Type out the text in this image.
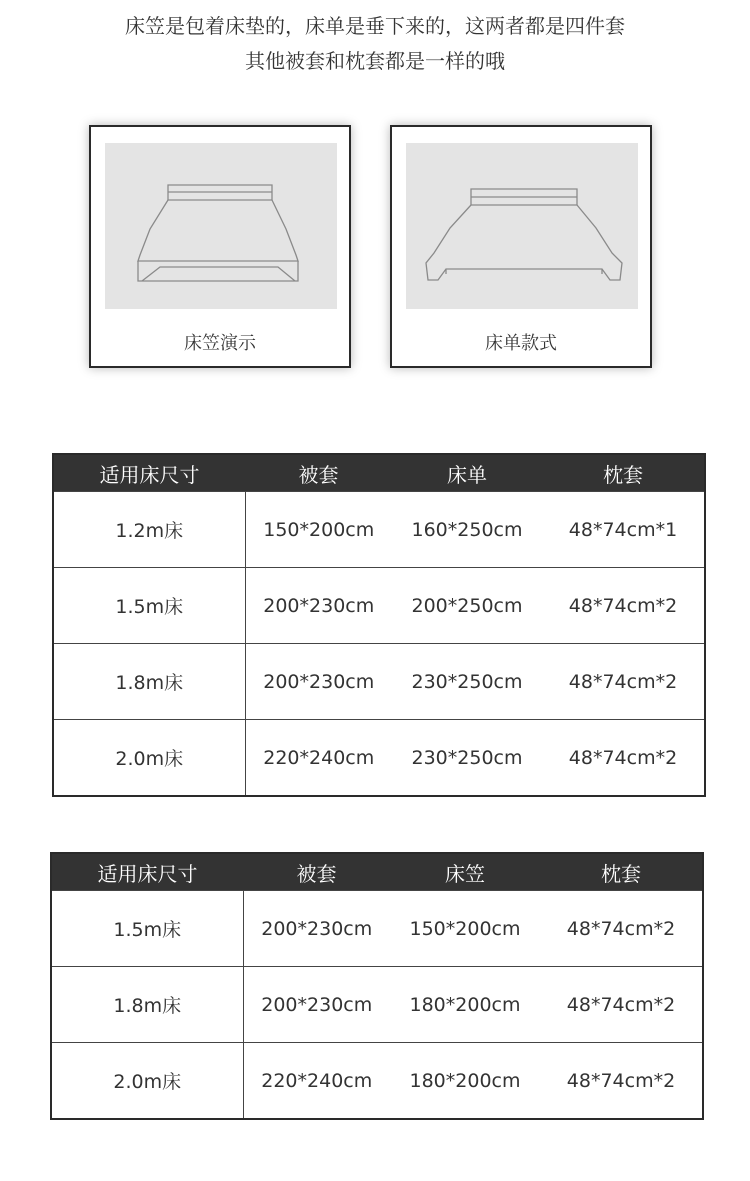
床笠是包着床垫的，床单是垂下来的，这两者都是四件套
其他被套和枕套都是一样的哦
床笠演示	床单款式
适用床尺寸	被套	床单	枕套
1.2m床	150*200cm	160*250cm	48*74cm*1
1.5m床	200*230cm	200*250cm	48*74cm*2
1.8m床	200*230cm	230*250cm	48*74cm*2
2.0m床	220*240cm	230*250cm	48*74cm*2
适用床尺寸	被套	床笠	枕套
1.5m床	200*230cm	150*200cm	48*74cm*2
1.8m床	200*230cm	180*200cm	48*74cm*2
2.0m床	220*240cm	180*200cm	48*74cm*2
